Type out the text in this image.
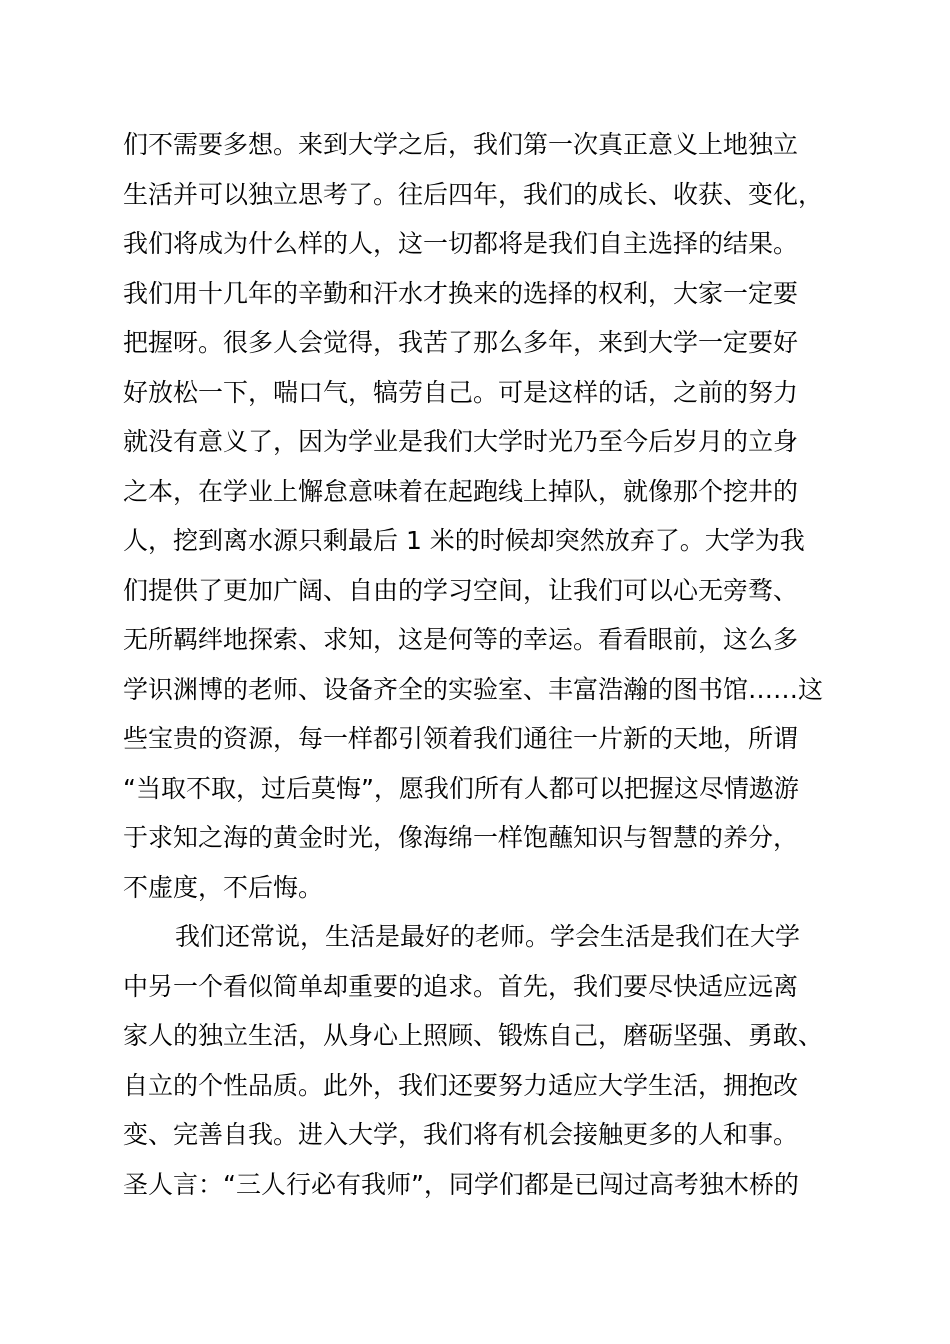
们不需要多想。来到大学之后，我们第一次真正意义上地独立
生活并可以独立思考了。往后四年，我们的成长、收获、变化，
我们将成为什么样的人，这一切都将是我们自主选择的结果。
我们用十几年的辛勤和汗水才换来的选择的权利，大家一定要
把握呀。很多人会觉得，我苦了那么多年，来到大学一定要好
好放松一下，喘口气，犒劳自己。可是这样的话，之前的努力
就没有意义了，因为学业是我们大学时光乃至今后岁月的立身
之本，在学业上懈怠意味着在起跑线上掉队，就像那个挖井的
人，挖到离水源只剩最后 1 米的时候却突然放弃了。大学为我
们提供了更加广阔、自由的学习空间，让我们可以心无旁骛、
无所羁绊地探索、求知，这是何等的幸运。看看眼前，这么多
学识渊博的老师、设备齐全的实验室、丰富浩瀚的图书馆……这
些宝贵的资源，每一样都引领着我们通往一片新的天地，所谓
“当取不取，过后莫悔”，愿我们所有人都可以把握这尽情遨游
于求知之海的黄金时光，像海绵一样饱蘸知识与智慧的养分，
不虚度，不后悔。
我们还常说，生活是最好的老师。学会生活是我们在大学
中另一个看似简单却重要的追求。首先，我们要尽快适应远离
家人的独立生活，从身心上照顾、锻炼自己，磨砺坚强、勇敢、
自立的个性品质。此外，我们还要努力适应大学生活，拥抱改
变、完善自我。进入大学，我们将有机会接触更多的人和事。
圣人言：“三人行必有我师”，同学们都是已闯过高考独木桥的
